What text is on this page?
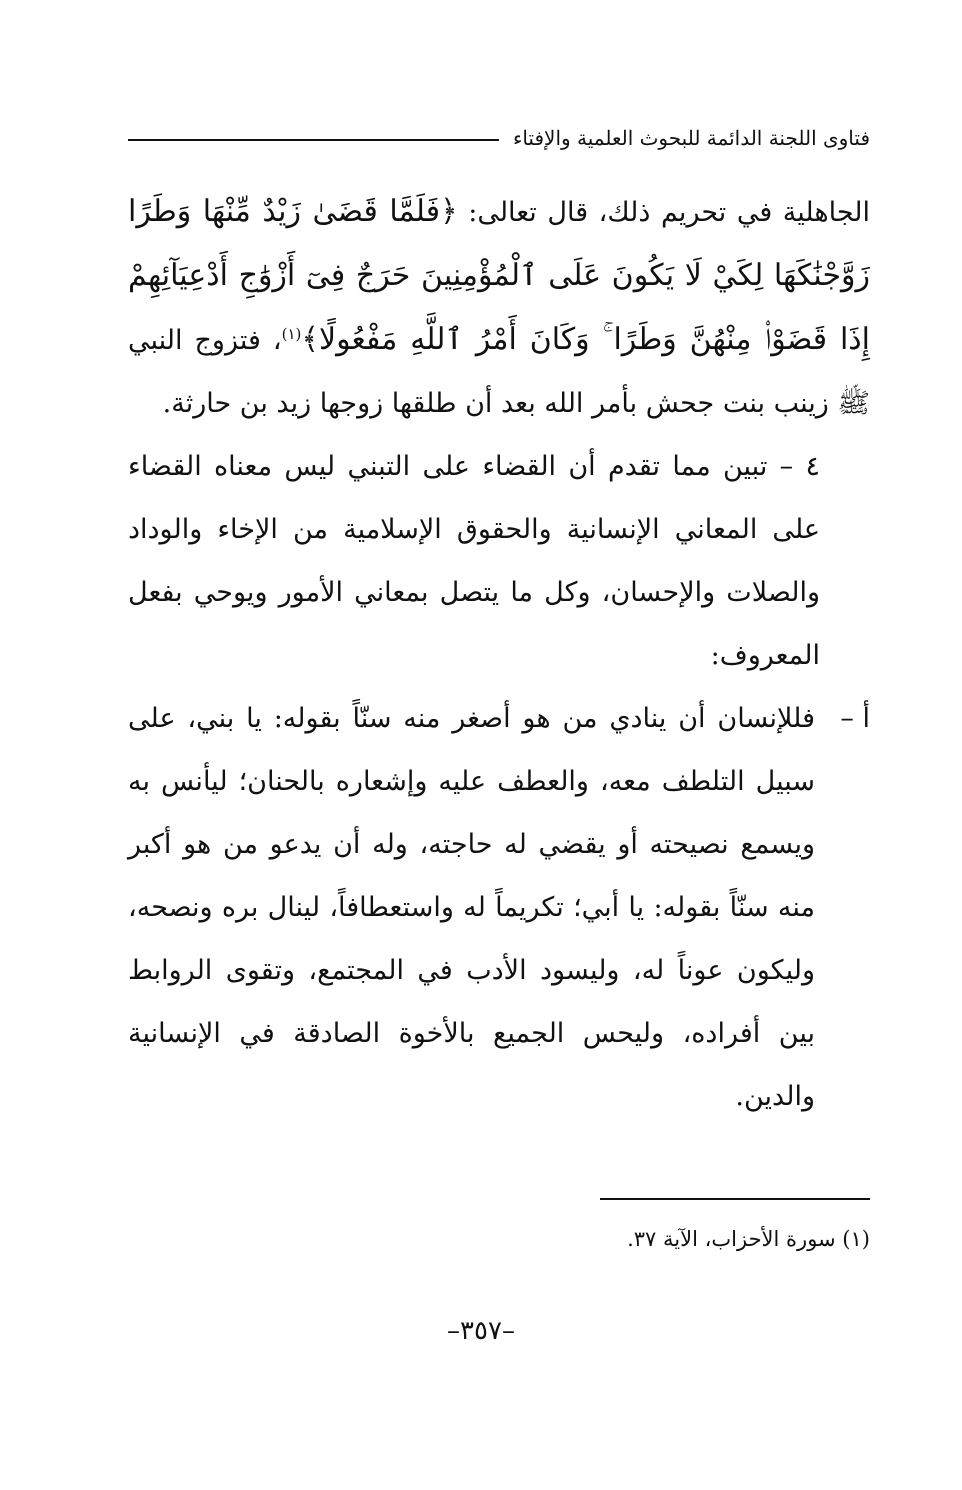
فتاوى اللجنة الدائمة للبحوث العلمية والإفتاء

الجاهلية في تحريم ذلك، قال تعالى: ﴿فَلَمَّا قَضَىٰ زَيْدٌ مِّنْهَا وَطَرًا زَوَّجْنَٰكَهَا لِكَيْ لَا يَكُونَ عَلَى ٱلْمُؤْمِنِينَ حَرَجٌ فِىٓ أَزْوَٰجِ أَدْعِيَآئِهِمْ إِذَا قَضَوْا۟ مِنْهُنَّ وَطَرًا ۚ وَكَانَ أَمْرُ ٱللَّهِ مَفْعُولًا﴾$^{(١)}$، فتزوج النبي ﷺ زينب بنت جحش بأمر الله بعد أن طلقها زوجها زيد بن حارثة.

٤ – تبين مما تقدم أن القضاء على التبني ليس معناه القضاء على المعاني الإنسانية والحقوق الإسلامية من الإخاء والوداد والصلات والإحسان، وكل ما يتصل بمعاني الأمور ويوحي بفعل المعروف:

أ –
فللإنسان أن ينادي من هو أصغر منه سنّاً بقوله: يا بني، على سبيل التلطف معه، والعطف عليه وإشعاره بالحنان؛ ليأنس به ويسمع نصيحته أو يقضي له حاجته، وله أن يدعو من هو أكبر منه سنّاً بقوله: يا أبي؛ تكريماً له واستعطافاً، لينال بره ونصحه، وليكون عوناً له، وليسود الأدب في المجتمع، وتقوى الروابط بين أفراده، وليحس الجميع بالأخوة الصادقة في الإنسانية والدين.
(١) سورة الأحزاب، الآية ٣٧.
–٣٥٧–
